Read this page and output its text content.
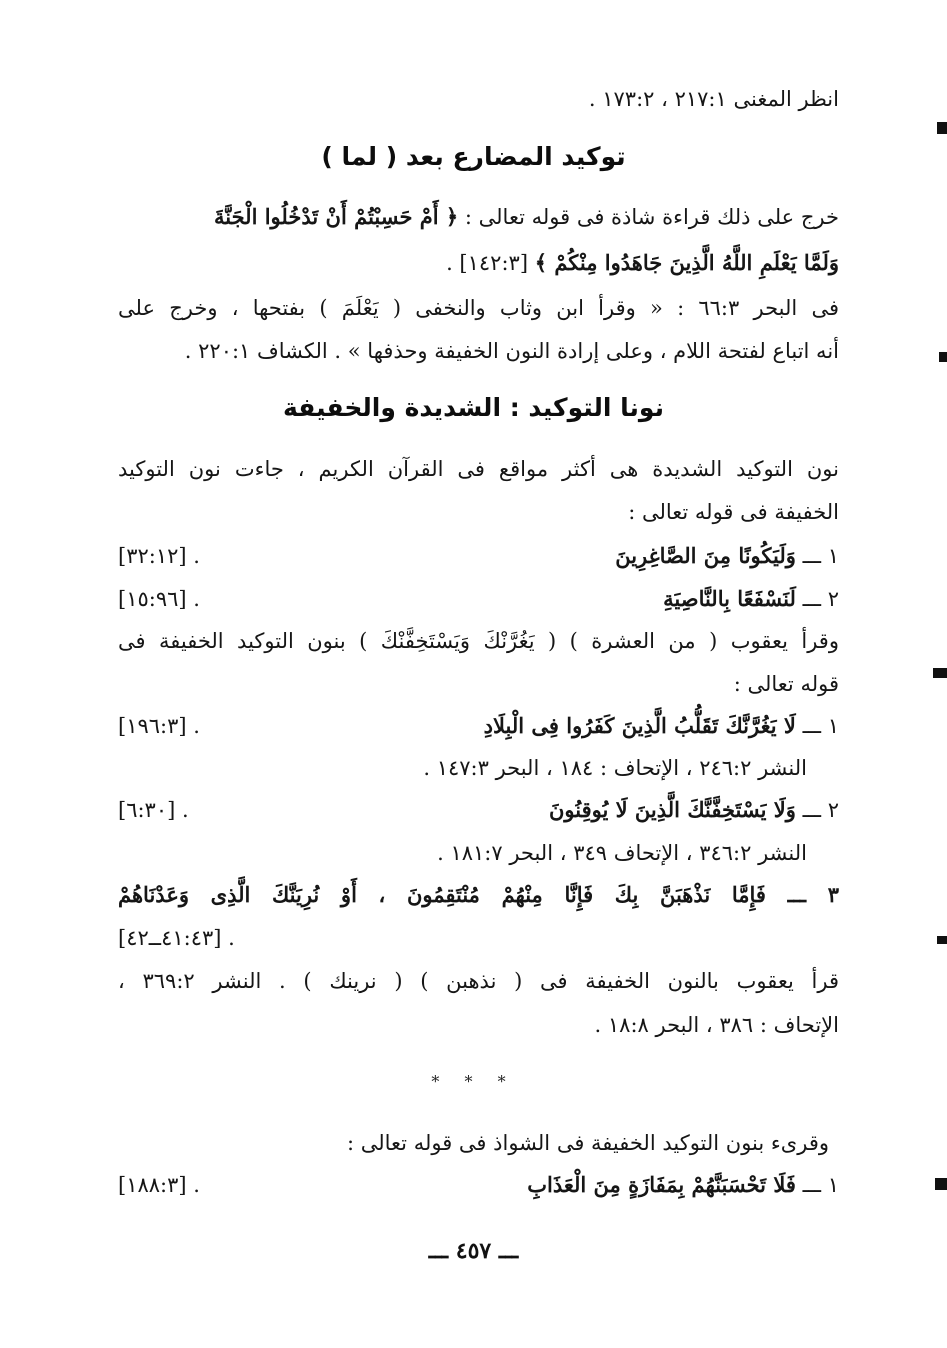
انظر المغنى ٢١٧:١ ، ١٧٣:٢ .
توكيد المضارع بعد ( لما )
خرج على ذلك قراءة شاذة فى قوله تعالى : ﴿ أَمْ حَسِبْتُمْ أَنْ تَدْخُلُوا الْجَنَّةَ
وَلَمَّا يَعْلَمِ اللَّهُ الَّذِينَ جَاهَدُوا مِنْكُمْ ﴾ [١٤٢:٣] .
فى البحر ٦٦:٣ : « وقرأ ابن وثاب والنخفى ( يَعْلَمَ ) بفتحها ، وخرج على
أنه اتباع لفتحة اللام ، وعلى إرادة النون الخفيفة وحذفها » . الكشاف ٢٢٠:١ .
نونا التوكيد : الشديدة والخفيفة
نون التوكيد الشديدة هى أكثر مواقع فى القرآن الكريم ، جاءت نون التوكيد
الخفيفة فى قوله تعالى :
١ ـــ وَلَيَكُونًا مِنَ الصَّاغِرِينَ
[٣٢:١٢] .
٢ ـــ لَنَسْفَعًا بِالنَّاصِيَةِ
[١٥:٩٦] .
وقرأ يعقوب ( من العشرة ) ( يَغُرَّنْكَ وَيَسْتَخِفَّنْكَ ) بنون التوكيد الخفيفة فى
قوله تعالى :
١ ـــ لَا يَغُرَّنَّكَ تَقَلُّبُ الَّذِينَ كَفَرُوا فِى الْبِلَادِ
[١٩٦:٣] .
النشر ٢٤٦:٢ ، الإتحاف : ١٨٤ ، البحر ١٤٧:٣ .
٢ ـــ وَلَا يَسْتَخِفَّنَّكَ الَّذِينَ لَا يُوقِنُونَ
[٦:٣٠] .
النشر ٣٤٦:٢ ، الإتحاف ٣٤٩ ، البحر ١٨١:٧ .
٣ ـــ فَإِمَّا نَذْهَبَنَّ بِكَ فَإِنَّا مِنْهُمْ مُنْتَقِمُونَ ، أَوْ نُرِيَنَّكَ الَّذِى وَعَدْنَاهُمْ
[٤١:٤٣ــ٤٢] .
قرأ يعقوب بالنون الخفيفة فى ( نذهبن ) ( نرينك ) . النشر ٣٦٩:٢ ،
الإتحاف : ٣٨٦ ، البحر ١٨:٨ .
* * *
وقرىء بنون التوكيد الخفيفة فى الشواذ فى قوله تعالى :
١ ـــ فَلَا تَحْسَبَنَّهُمْ بِمَفَازَةٍ مِنَ الْعَذَابِ
[١٨٨:٣] .
ـــ ٤٥٧ ـــ
